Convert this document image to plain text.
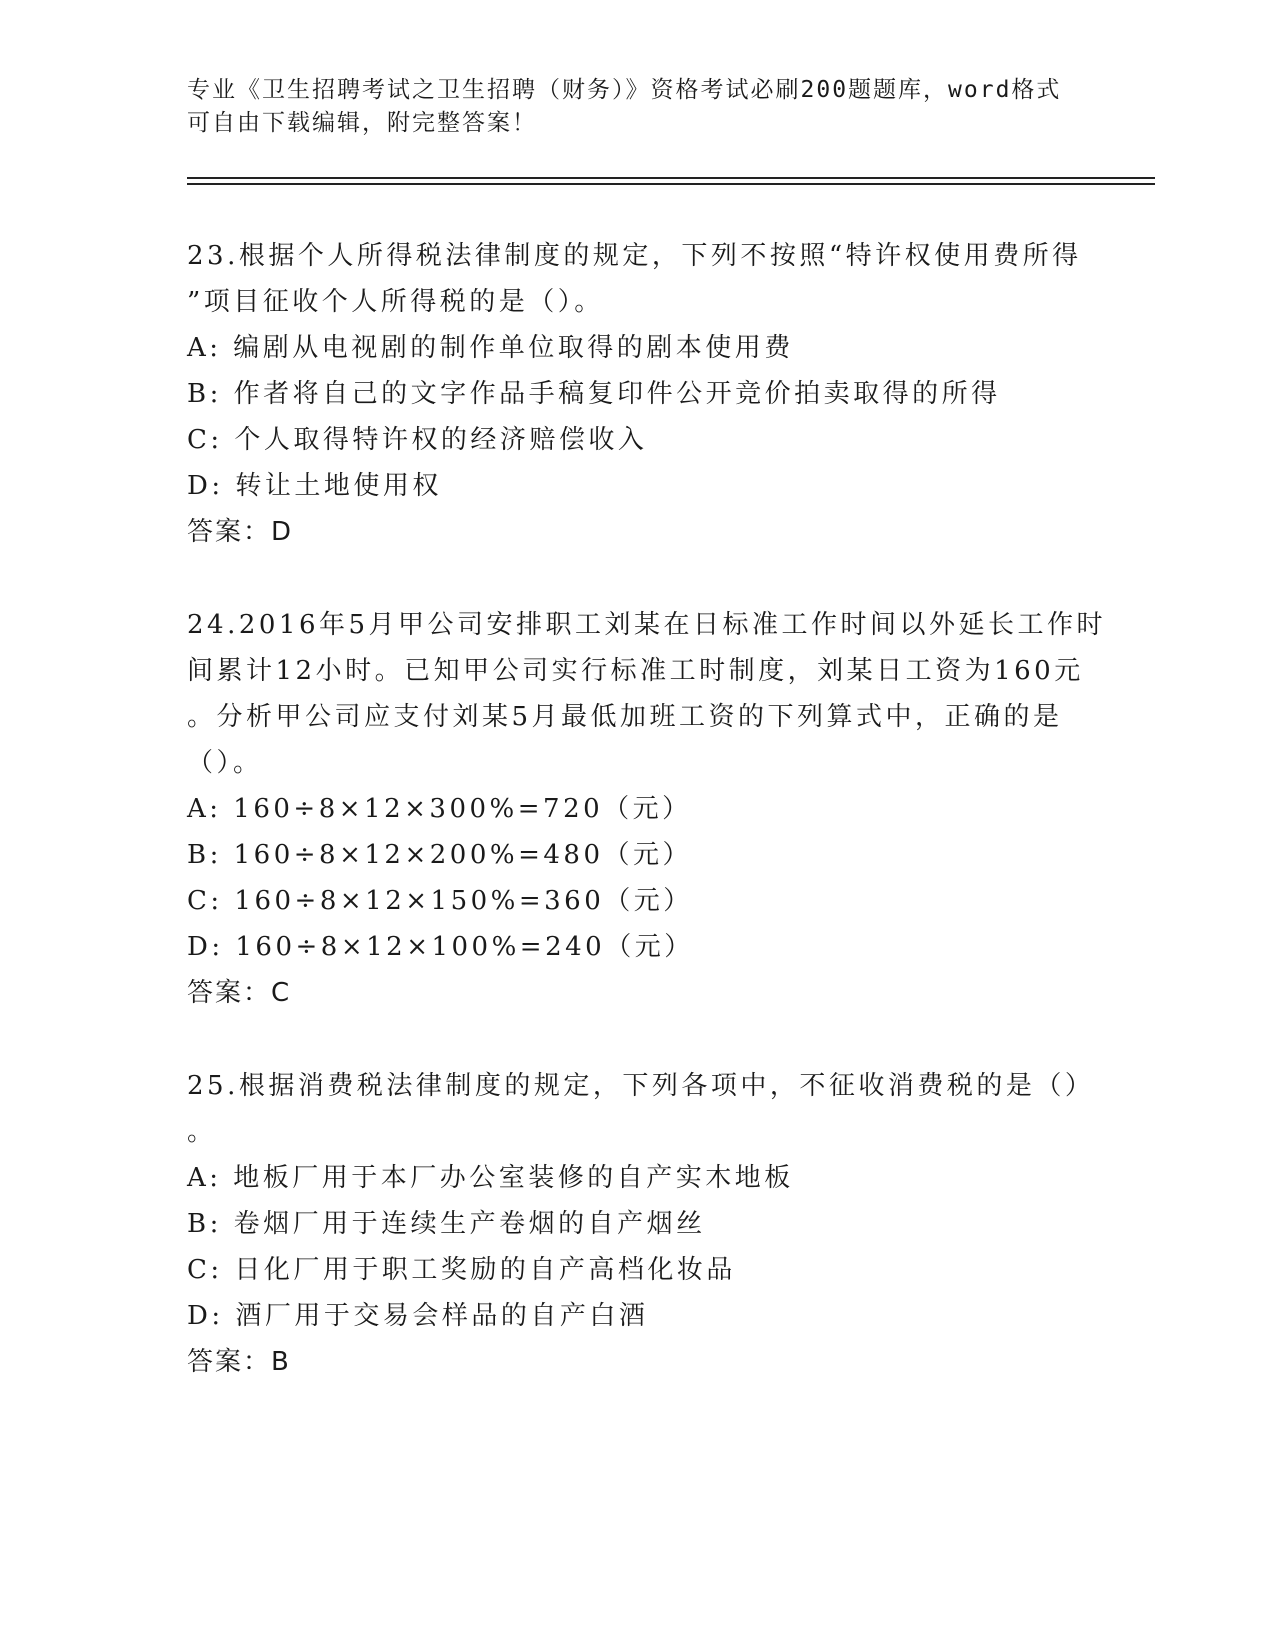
专业《卫生招聘考试之卫生招聘（财务）》资格考试必刷200题题库，word格式
可自由下载编辑，附完整答案！
23.根据个人所得税法律制度的规定，下列不按照“特许权使用费所得
”项目征收个人所得税的是（）。
A: 编剧从电视剧的制作单位取得的剧本使用费
B: 作者将自己的文字作品手稿复印件公开竞价拍卖取得的所得
C: 个人取得特许权的经济赔偿收入
D: 转让土地使用权
答案：D
24.2016年5月甲公司安排职工刘某在日标准工作时间以外延长工作时
间累计12小时。已知甲公司实行标准工时制度，刘某日工资为160元
。分析甲公司应支付刘某5月最低加班工资的下列算式中，正确的是
（）。
A: 160÷8×12×300%=720（元）
B: 160÷8×12×200%=480（元）
C: 160÷8×12×150%=360（元）
D: 160÷8×12×100%=240（元）
答案：C
25.根据消费税法律制度的规定，下列各项中，不征收消费税的是（）
。
A: 地板厂用于本厂办公室装修的自产实木地板
B: 卷烟厂用于连续生产卷烟的自产烟丝
C: 日化厂用于职工奖励的自产高档化妆品
D: 酒厂用于交易会样品的自产白酒
答案：B
